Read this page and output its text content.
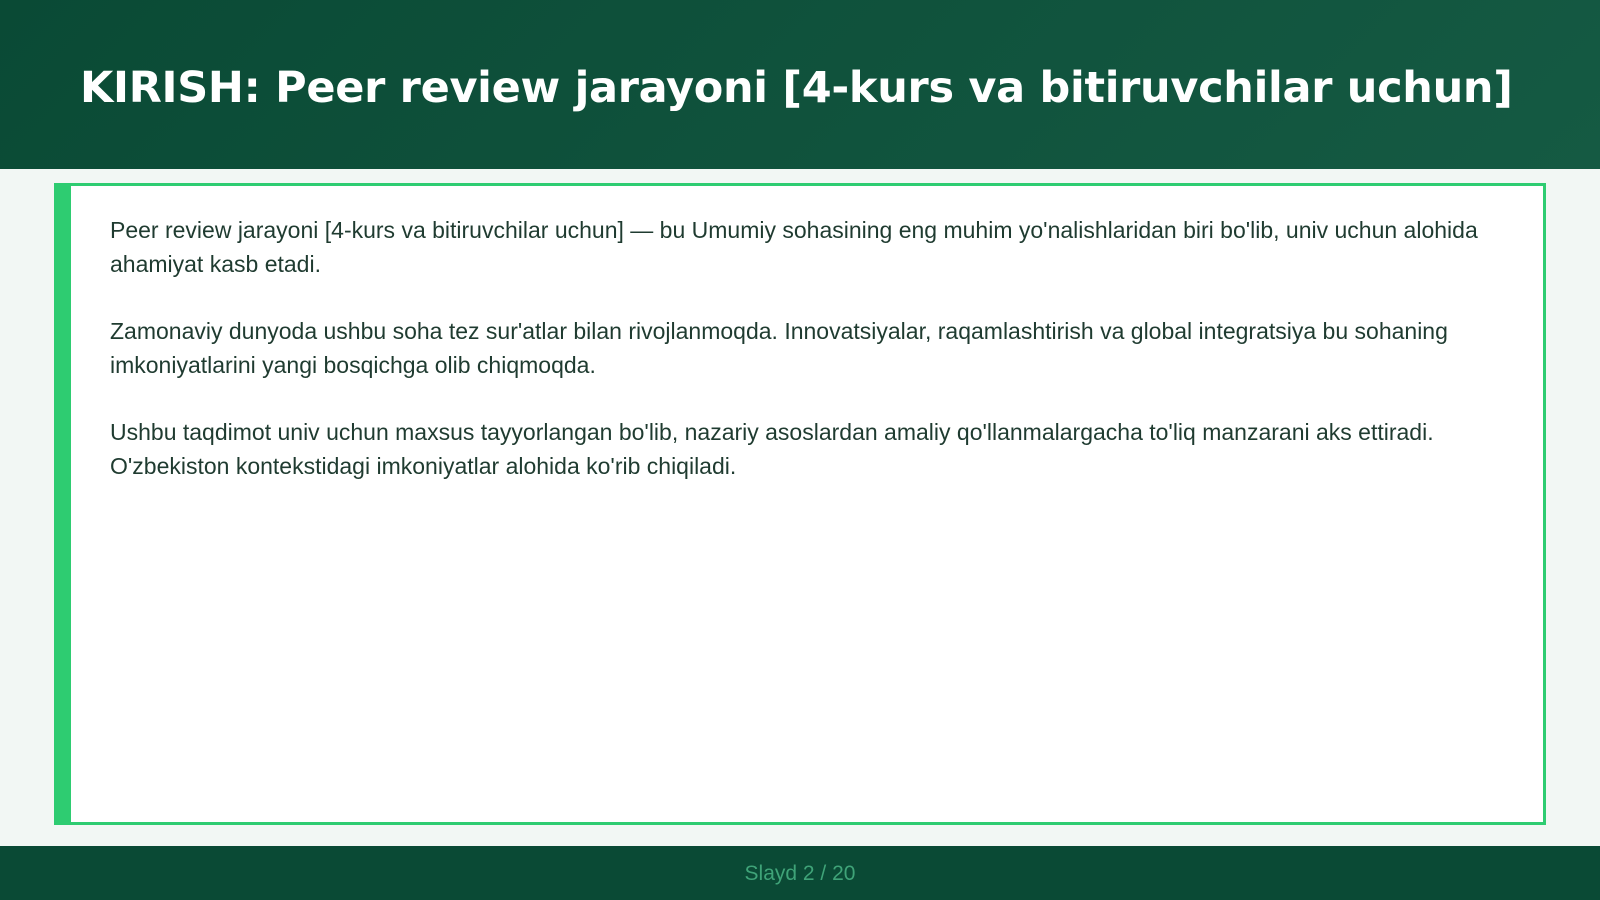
KIRISH: Peer review jarayoni [4-kurs va bitiruvchilar uchun]

Peer review jarayoni [4-kurs va bitiruvchilar uchun] — bu Umumiy sohasining eng muhim yo'nalishlaridan biri bo'lib, univ uchun alohida ahamiyat kasb etadi.

Zamonaviy dunyoda ushbu soha tez sur'atlar bilan rivojlanmoqda. Innovatsiyalar, raqamlashtirish va global integratsiya bu sohaning imkoniyatlarini yangi bosqichga olib chiqmoqda.

Ushbu taqdimot univ uchun maxsus tayyorlangan bo'lib, nazariy asoslardan amaliy qo'llanmalargacha to'liq manzarani aks ettiradi. O'zbekiston kontekstidagi imkoniyatlar alohida ko'rib chiqiladi.

Slayd 2 / 20
